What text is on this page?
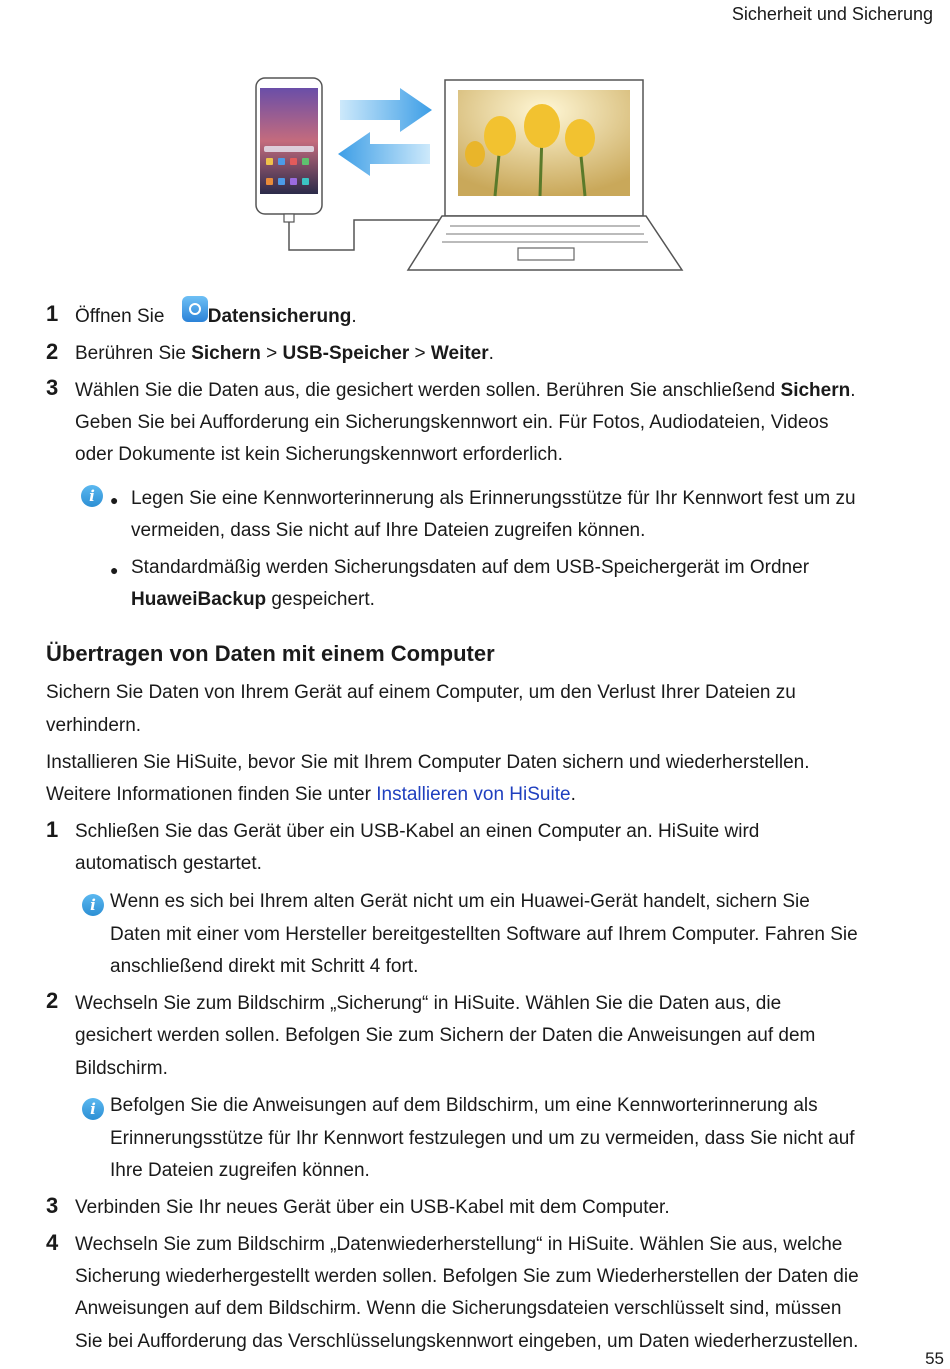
Sicherheit und Sicherung
1 Öffnen Sie Datensicherung.
2 Berühren Sie Sichern > USB-Speicher > Weiter.
3 Wählen Sie die Daten aus, die gesichert werden sollen. Berühren Sie anschließend Sichern.
Geben Sie bei Aufforderung ein Sicherungskennwort ein. Für Fotos, Audiodateien, Videos
oder Dokumente ist kein Sicherungskennwort erforderlich.
i	● Legen Sie eine Kennworterinnerung als Erinnerungsstütze für Ihr Kennwort fest um zu
vermeiden, dass Sie nicht auf Ihre Dateien zugreifen können.
● Standardmäßig werden Sicherungsdaten auf dem USB-Speichergerät im Ordner
HuaweiBackup gespeichert.
Übertragen von Daten mit einem Computer
Sichern Sie Daten von Ihrem Gerät auf einem Computer, um den Verlust Ihrer Dateien zu
verhindern.
Installieren Sie HiSuite, bevor Sie mit Ihrem Computer Daten sichern und wiederherstellen.
Weitere Informationen finden Sie unter Installieren von HiSuite.
1 Schließen Sie das Gerät über ein USB-Kabel an einen Computer an. HiSuite wird
automatisch gestartet.
i Wenn es sich bei Ihrem alten Gerät nicht um ein Huawei-Gerät handelt, sichern Sie
Daten mit einer vom Hersteller bereitgestellten Software auf Ihrem Computer. Fahren Sie
anschließend direkt mit Schritt 4 fort.
2 Wechseln Sie zum Bildschirm „Sicherung“ in HiSuite. Wählen Sie die Daten aus, die
gesichert werden sollen. Befolgen Sie zum Sichern der Daten die Anweisungen auf dem
Bildschirm.
i Befolgen Sie die Anweisungen auf dem Bildschirm, um eine Kennworterinnerung als
Erinnerungsstütze für Ihr Kennwort festzulegen und um zu vermeiden, dass Sie nicht auf
Ihre Dateien zugreifen können.
3 Verbinden Sie Ihr neues Gerät über ein USB-Kabel mit dem Computer.
4 Wechseln Sie zum Bildschirm „Datenwiederherstellung“ in HiSuite. Wählen Sie aus, welche
Sicherung wiederhergestellt werden sollen. Befolgen Sie zum Wiederherstellen der Daten die
Anweisungen auf dem Bildschirm. Wenn die Sicherungsdateien verschlüsselt sind, müssen
Sie bei Aufforderung das Verschlüsselungskennwort eingeben, um Daten wiederherzustellen.
55
